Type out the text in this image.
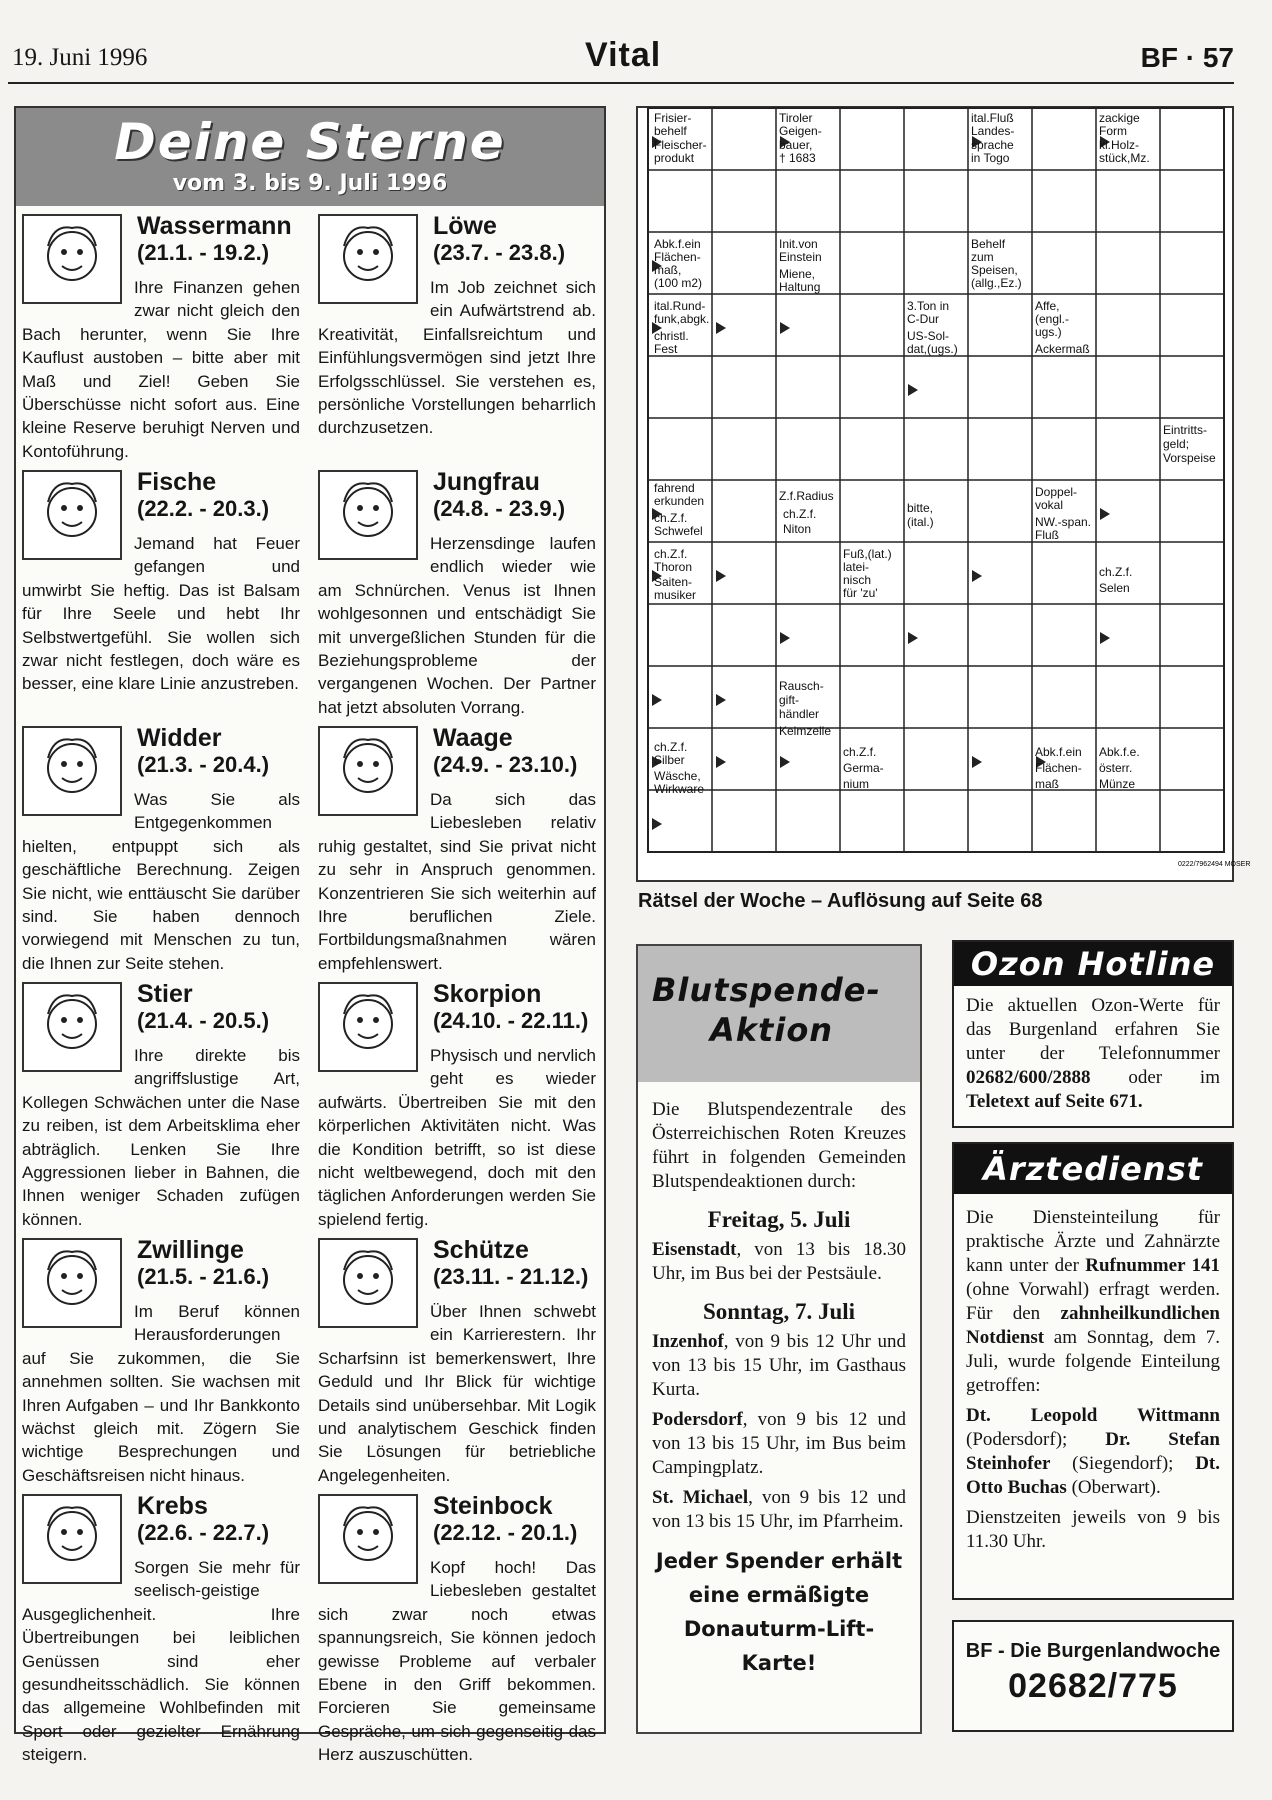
19. Juni 1996	Vital	BF · 57
Deine Sterne
vom 3. bis 9. Juli 1996
Wassermann
(21.1. - 19.2.)

Ihre Finanzen gehen zwar nicht gleich den Bach herunter, wenn Sie Ihre Kauflust austoben – bitte aber mit Maß und Ziel! Geben Sie Überschüsse nicht sofort aus. Eine kleine Reserve beruhigt Nerven und Kontoführung.

Fische
(22.2. - 20.3.)

Jemand hat Feuer gefangen und umwirbt Sie heftig. Das ist Balsam für Ihre Seele und hebt Ihr Selbstwertgefühl. Sie wollen sich zwar nicht festlegen, doch wäre es besser, eine klare Linie anzustreben.

Widder
(21.3. - 20.4.)

Was Sie als Entgegenkommen hielten, entpuppt sich als geschäftliche Berechnung. Zeigen Sie nicht, wie enttäuscht Sie darüber sind. Sie haben dennoch vorwiegend mit Menschen zu tun, die Ihnen zur Seite stehen.

Stier
(21.4. - 20.5.)

Ihre direkte bis angriffslustige Art, Kollegen Schwächen unter die Nase zu reiben, ist dem Arbeitsklima eher abträglich. Lenken Sie Ihre Aggressionen lieber in Bahnen, die Ihnen weniger Schaden zufügen können.

Zwillinge
(21.5. - 21.6.)

Im Beruf können Herausforderungen auf Sie zukommen, die Sie annehmen sollten. Sie wachsen mit Ihren Aufgaben – und Ihr Bankkonto wächst gleich mit. Zögern Sie wichtige Besprechungen und Geschäftsreisen nicht hinaus.

Krebs
(22.6. - 22.7.)

Sorgen Sie mehr für seelisch-geistige Ausgeglichenheit. Ihre Übertreibungen bei leiblichen Genüssen sind eher gesundheitsschädlich. Sie können das allgemeine Wohlbefinden mit Sport oder gezielter Ernährung steigern.

Löwe
(23.7. - 23.8.)

Im Job zeichnet sich ein Aufwärtstrend ab. Kreativität, Einfallsreichtum und Einfühlungsvermögen sind jetzt Ihre Erfolgsschlüssel. Sie verstehen es, persönliche Vorstellungen beharrlich durchzusetzen.

Jungfrau
(24.8. - 23.9.)

Herzensdinge laufen endlich wieder wie am Schnürchen. Venus ist Ihnen wohlgesonnen und entschädigt Sie mit unvergeßlichen Stunden für die Beziehungsprobleme der vergangenen Wochen. Der Partner hat jetzt absoluten Vorrang.

Waage
(24.9. - 23.10.)

Da sich das Liebesleben relativ ruhig gestaltet, sind Sie privat nicht zu sehr in Anspruch genommen. Konzentrieren Sie sich weiterhin auf Ihre beruflichen Ziele. Fortbildungsmaßnahmen wären empfehlenswert.

Skorpion
(24.10. - 22.11.)

Physisch und nervlich geht es wieder aufwärts. Übertreiben Sie mit den körperlichen Aktivitäten nicht. Was die Kondition betrifft, so ist diese nicht weltbewegend, doch mit den täglichen Anforderungen werden Sie spielend fertig.

Schütze
(23.11. - 21.12.)

Über Ihnen schwebt ein Karrierestern. Ihr Scharfsinn ist bemerkenswert, Ihre Geduld und Ihr Blick für wichtige Details sind unübersehbar. Mit Logik und analytischem Geschick finden Sie Lösungen für betriebliche Angelegenheiten.

Steinbock
(22.12. - 20.1.)

Kopf hoch! Das Liebesleben gestaltet sich zwar noch etwas spannungsreich, Sie können jedoch gewisse Probleme auf verbaler Ebene in den Griff bekommen. Forcieren Sie gemeinsame Gespräche, um sich gegenseitig das Herz auszuschütten.

Frisier-
behelf
Fleischer-
produkt
Tiroler
Geigen-
bauer,
† 1683
ital.Fluß
Landes-
sprache
in Togo
zackige
Form
kl.Holz-
stück,Mz.
Abk.f.ein
Flächen-
maß,
(100 m2)
Init.von
Einstein
Miene,
Haltung
Behelf
zum
Speisen,
(allg.,Ez.)
ital.Rund-
funk,abgk.
christl.
Fest
3.Ton in
C-Dur
US-Sol-
dat,(ugs.)
Affe,
(engl.-
ugs.)
Ackermaß
Eintritts-
geld;
Vorspeise
fahrend
erkunden
ch.Z.f.
Schwefel
Z.f.Radius
ch.Z.f.
Niton
bitte,
(ital.)
Doppel-
vokal
NW.-span.
Fluß
ch.Z.f.
Thoron
Saiten-
musiker
Fuß,(lat.)
latei-
nisch
für 'zu'
ch.Z.f.
Selen
Rausch-
gift-
händler
Keimzelle
ch.Z.f.
Silber
Wäsche,
Wirkware
ch.Z.f.
Germa-
nium
Abk.f.ein
Flächen-
maß
Abk.f.e.
österr.
Münze
0222/7962494 MOSER
Rätsel der Woche – Auflösung auf Seite 68
Blutspende-
Aktion

Die Blutspendezentrale des Österreichischen Roten Kreuzes führt in folgenden Gemeinden Blutspendeaktionen durch:

Freitag, 5. Juli

Eisenstadt, von 13 bis 18.30 Uhr, im Bus bei der Pestsäule.

Sonntag, 7. Juli

Inzenhof, von 9 bis 12 Uhr und von 13 bis 15 Uhr, im Gasthaus Kurta.

Podersdorf, von 9 bis 12 und von 13 bis 15 Uhr, im Bus beim Campingplatz.

St. Michael, von 9 bis 12 und von 13 bis 15 Uhr, im Pfarrheim.

Jeder Spender erhält
eine ermäßigte
Donauturm-Lift-Karte!
Ozon Hotline
Die aktuellen Ozon-Werte für das Burgenland erfahren Sie unter der Telefonnummer 02682/600/2888 oder im Teletext auf Seite 671.
Ärztedienst

Die Diensteinteilung für praktische Ärzte und Zahnärzte kann unter der Rufnummer 141 (ohne Vorwahl) erfragt werden. Für den zahnheilkundlichen Notdienst am Sonntag, dem 7. Juli, wurde folgende Einteilung getroffen:

Dt. Leopold Wittmann (Podersdorf); Dr. Stefan Steinhofer (Siegendorf); Dt. Otto Buchas (Oberwart).

Dienstzeiten jeweils von 9 bis 11.30 Uhr.

BF - Die Burgenlandwoche
02682/775
